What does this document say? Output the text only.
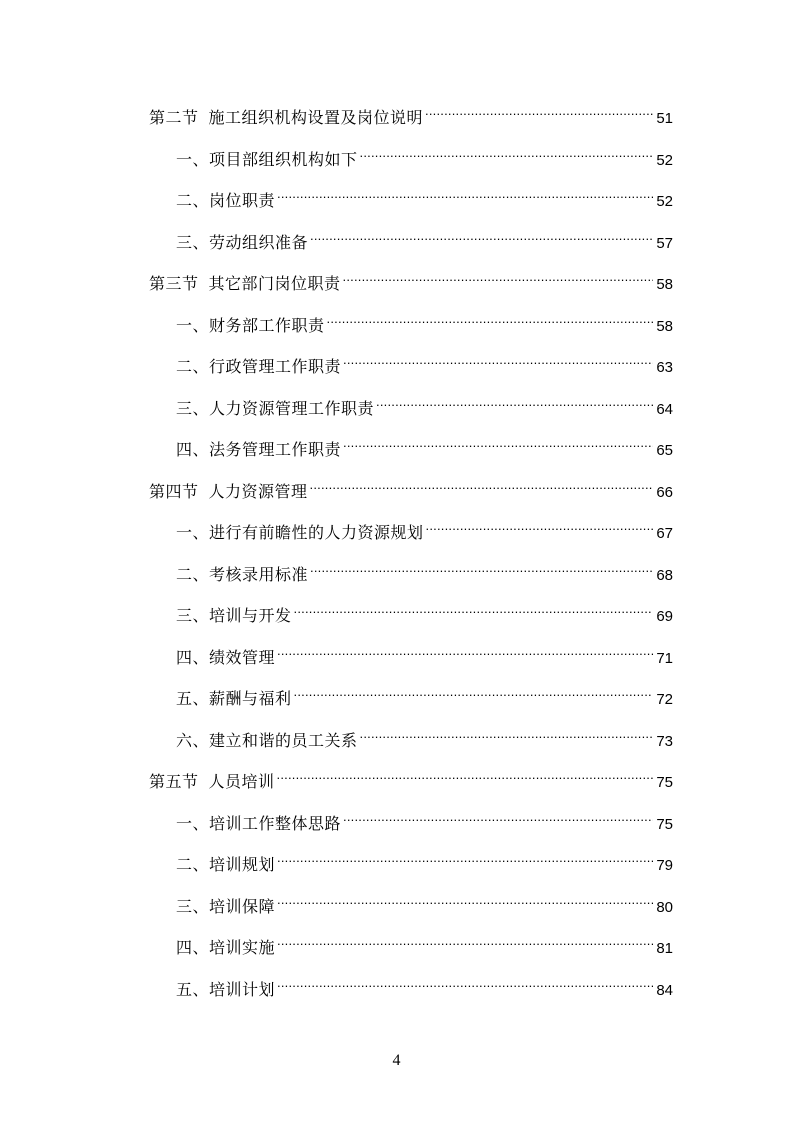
第二节 施工组织机构设置及岗位说明 .....	51
一、项目部组织机构如下 .....	52
二、岗位职责 .....	52
三、劳动组织准备 .....	57
第三节 其它部门岗位职责 .....	58
一、财务部工作职责 .....	58
二、行政管理工作职责 .....	63
三、人力资源管理工作职责 .....	64
四、法务管理工作职责 .....	65
第四节 人力资源管理 .....	66
一、进行有前瞻性的人力资源规划 .....	67
二、考核录用标准 .....	68
三、培训与开发 .....	69
四、绩效管理 .....	71
五、薪酬与福利 .....	72
六、建立和谐的员工关系 .....	73
第五节 人员培训 .....	75
一、培训工作整体思路 .....	75
二、培训规划 .....	79
三、培训保障 .....	80
四、培训实施 .....	81
五、培训计划 .....	84
4
